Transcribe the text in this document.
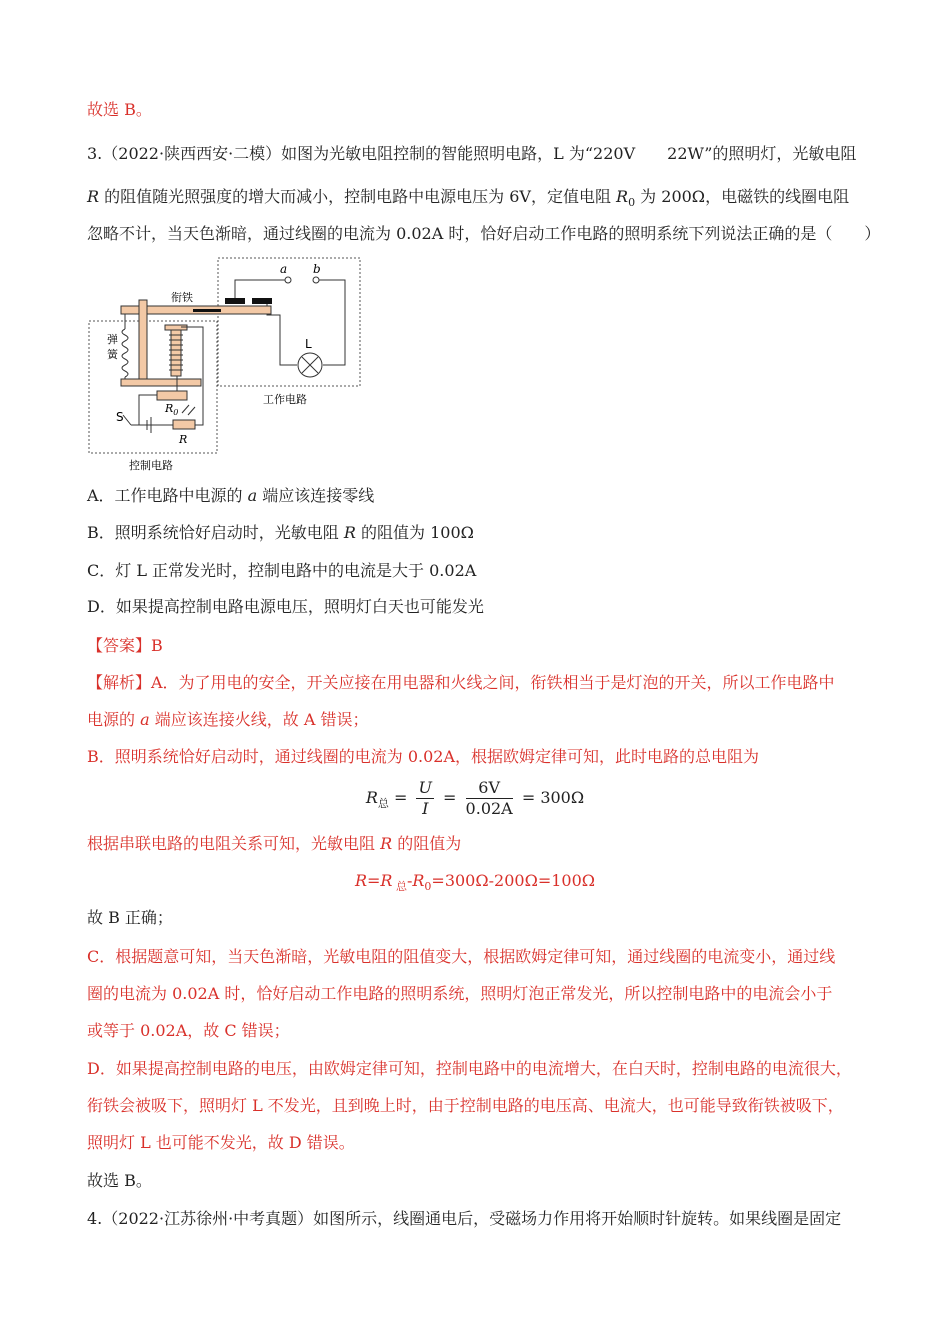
故选 B。
3.（2022·陕西西安·二模）如图为光敏电阻控制的智能照明电路，L 为“220V　　22W”的照明灯，光敏电阻
R 的阻值随光照强度的增大而减小，控制电路中电源电压为 6V，定值电阻 $R_0$ 为 200Ω，电磁铁的线圈电阻
忽略不计，当天色渐暗，通过线圈的电流为 0.02A 时，恰好启动工作电路的照明系统下列说法正确的是（　　）
衔铁
弹
簧
a b
L
S
$R_0$
R
工作电路
控制电路
A．工作电路中电源的 a 端应该连接零线
B．照明系统恰好启动时，光敏电阻 R 的阻值为 100Ω
C．灯 L 正常发光时，控制电路中的电流是大于 0.02A
D．如果提高控制电路电源电压，照明灯白天也可能发光
【答案】B
【解析】A．为了用电的安全，开关应接在用电器和火线之间，衔铁相当于是灯泡的开关，所以工作电路中
电源的 a 端应该连接火线，故 A 错误；
B．照明系统恰好启动时，通过线圈的电流为 0.02A，根据欧姆定律可知，此时电路的总电阻为
$R_总 = \frac{U}{I} = \frac{6V}{0.02A} = 300\Omega$
根据串联电路的电阻关系可知，光敏电阻 R 的阻值为
R=R $_总-R_0=300\Omega-200\Omega=100\Omega$
故 B 正确；
C．根据题意可知，当天色渐暗，光敏电阻的阻值变大，根据欧姆定律可知，通过线圈的电流变小，通过线
圈的电流为 0.02A 时，恰好启动工作电路的照明系统，照明灯泡正常发光，所以控制电路中的电流会小于
或等于 0.02A，故 C 错误；
D．如果提高控制电路的电压，由欧姆定律可知，控制电路中的电流增大，在白天时，控制电路的电流很大，
衔铁会被吸下，照明灯 L 不发光，且到晚上时，由于控制电路的电压高、电流大，也可能导致衔铁被吸下，
照明灯 L 也可能不发光，故 D 错误。
故选 B。
4.（2022·江苏徐州·中考真题）如图所示，线圈通电后，受磁场力作用将开始顺时针旋转。如果线圈是固定
